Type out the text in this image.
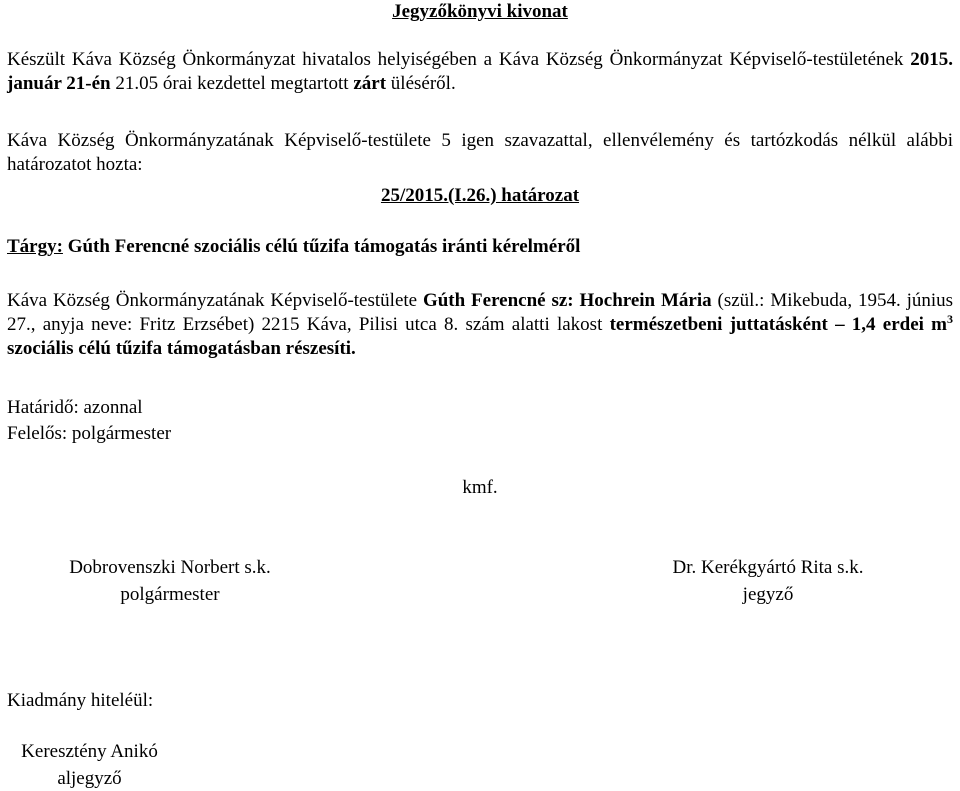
Jegyzőkönyvi kivonat
Készült Káva Község Önkormányzat hivatalos helyiségében a Káva Község Önkormányzat Képviselő-testületének 2015. január 21-én 21.05 órai kezdettel megtartott zárt üléséről.
Káva Község Önkormányzatának Képviselő-testülete 5 igen szavazattal, ellenvélemény és tartózkodás nélkül alábbi határozatot hozta:
25/2015.(I.26.) határozat
Tárgy: Gúth Ferencné szociális célú tűzifa támogatás iránti kérelméről
Káva Község Önkormányzatának Képviselő-testülete Gúth Ferencné sz: Hochrein Mária (szül.: Mikebuda, 1954. június 27., anyja neve: Fritz Erzsébet) 2215 Káva, Pilisi utca 8. szám alatti lakost természetbeni juttatásként – 1,4 erdei $m^3$ szociális célú tűzifa támogatásban részesíti.
Határidő: azonnal
Felelős: polgármester
kmf.
Dobrovenszki Norbert s.k.
polgármester
Dr. Kerékgyártó Rita s.k.
jegyző
Kiadmány hiteléül:
Keresztény Anikó
aljegyző
